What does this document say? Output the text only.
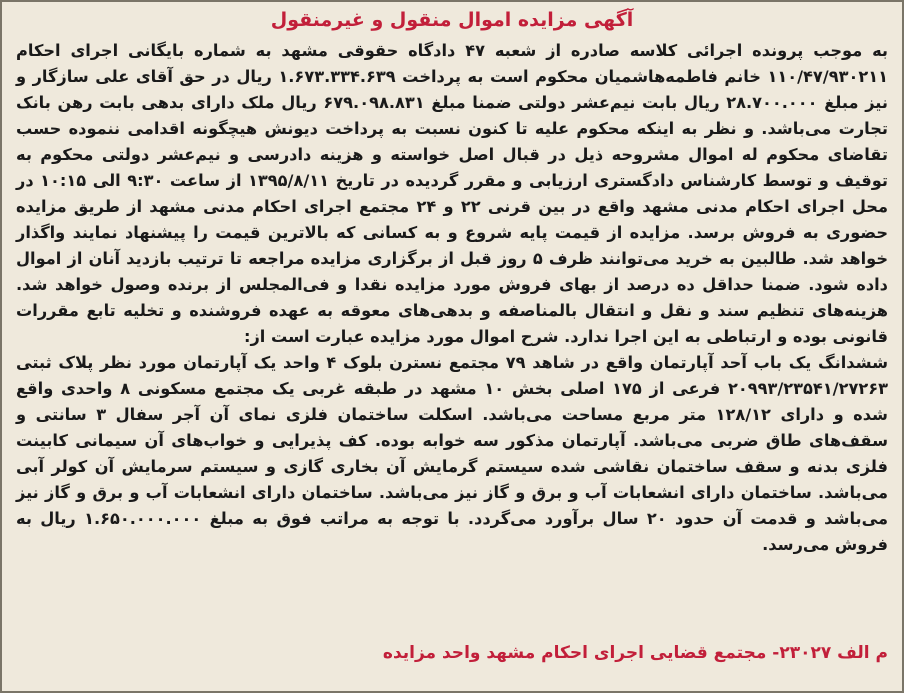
آگهی مزایده اموال منقول و غیرمنقول

به موجب پرونده اجرائی کلاسه صادره از شعبه ۴۷ دادگاه حقوقی مشهد به شماره بایگانی اجرای احکام ۱۱۰/۴۷/۹۳۰۲۱۱ خانم فاطمه‌هاشمیان محکوم است به پرداخت ۱.۶۷۳.۳۳۴.۶۳۹ ریال در حق آقای علی سازگار و نیز مبلغ ۲۸.۷۰۰.۰۰۰ ریال بابت نیم‌عشر دولتی ضمنا مبلغ ۶۷۹.۰۹۸.۸۳۱ ریال ملک دارای بدهی بابت رهن بانک تجارت می‌باشد. و نظر به اینکه محکوم علیه تا کنون نسبت به پرداخت دیونش هیچگونه اقدامی ننموده حسب تقاضای محکوم له اموال مشروحه ذیل در قبال اصل خواسته و هزینه دادرسی و نیم‌عشر دولتی محکوم به توقیف و توسط کارشناس دادگستری ارزیابی و مقرر گردیده در تاریخ ۱۳۹۵/۸/۱۱ از ساعت ۹:۳۰ الی ۱۰:۱۵ در محل اجرای احکام مدنی مشهد واقع در بین قرنی ۲۲ و ۲۴ مجتمع اجرای احکام مدنی مشهد از طریق مزایده حضوری به فروش برسد. مزایده از قیمت پایه شروع و به کسانی که بالاترین قیمت را پیشنهاد نمایند واگذار خواهد شد. طالبین به خرید می‌توانند ظرف ۵ روز قبل از برگزاری مزایده مراجعه تا ترتیب بازدید آنان از اموال داده شود. ضمنا حداقل ده درصد از بهای فروش مورد مزایده نقدا و فی‌المجلس از برنده وصول خواهد شد. هزینه‌های تنظیم سند و نقل و انتقال بالمناصفه و بدهی‌های معوقه به عهده فروشنده و تخلیه تابع مقررات قانونی بوده و ارتباطی به این اجرا ندارد. شرح اموال مورد مزایده عبارت است از:

ششدانگ یک باب آحد آپارتمان واقع در شاهد ۷۹ مجتمع نسترن بلوک ۴ واحد یک آپارتمان مورد نظر پلاک ثبتی ۲۰۹۹۳/۲۳۵۴۱/۲۷۲۶۳ فرعی از ۱۷۵ اصلی بخش ۱۰ مشهد در طبقه غربی یک مجتمع مسکونی ۸ واحدی واقع شده و دارای ۱۲۸/۱۲ متر مربع مساحت می‌باشد. اسکلت ساختمان فلزی نمای آن آجر سفال ۳ سانتی و سقف‌های طاق ضربی می‌باشد. آپارتمان مذکور سه خوابه بوده. کف پذیرایی و خواب‌های آن سیمانی کابینت فلزی بدنه و سقف ساختمان نقاشی شده سیستم گرمایش آن بخاری گازی و سیستم سرمایش آن کولر آبی می‌باشد. ساختمان دارای انشعابات آب و برق و گاز نیز می‌باشد. ساختمان دارای انشعابات آب و برق و گاز نیز می‌باشد و قدمت آن حدود ۲۰ سال برآورد می‌گردد. با توجه به مراتب فوق به مبلغ ۱.۶۵۰.۰۰۰.۰۰۰ ریال به فروش می‌رسد.

م الف ۲۳۰۲۷- مجتمع قضایی اجرای احکام مشهد واحد مزایده
